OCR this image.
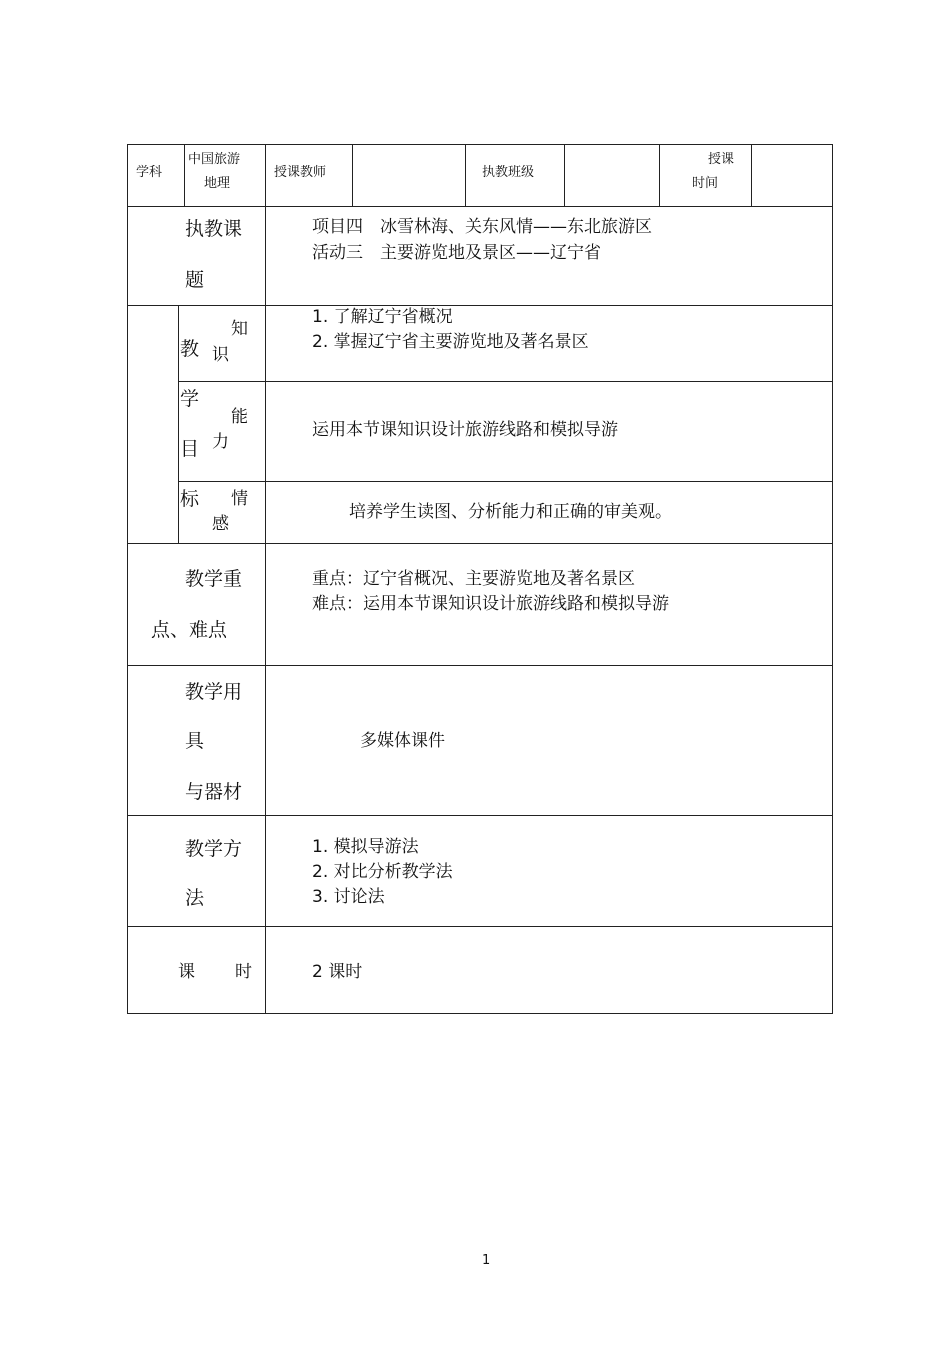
学科
中国旅游
地理
授课教师	执教班级
授课
时间
执教课
题
项目四　冰雪林海、关东风情——东北旅游区
活动三　主要游览地及景区——辽宁省
教
学
目
标
知
识
1. 了解辽宁省概况
2. 掌握辽宁省主要游览地及著名景区
能
力
运用本节课知识设计旅游线路和模拟导游
情
感
培养学生读图、分析能力和正确的审美观。
教学重
点、难点
重点：辽宁省概况、主要游览地及著名景区
难点：运用本节课知识设计旅游线路和模拟导游
教学用
具
与器材
多媒体课件
教学方
法
1. 模拟导游法
2. 对比分析教学法
3. 讨论法
课 时	2 课时
1
